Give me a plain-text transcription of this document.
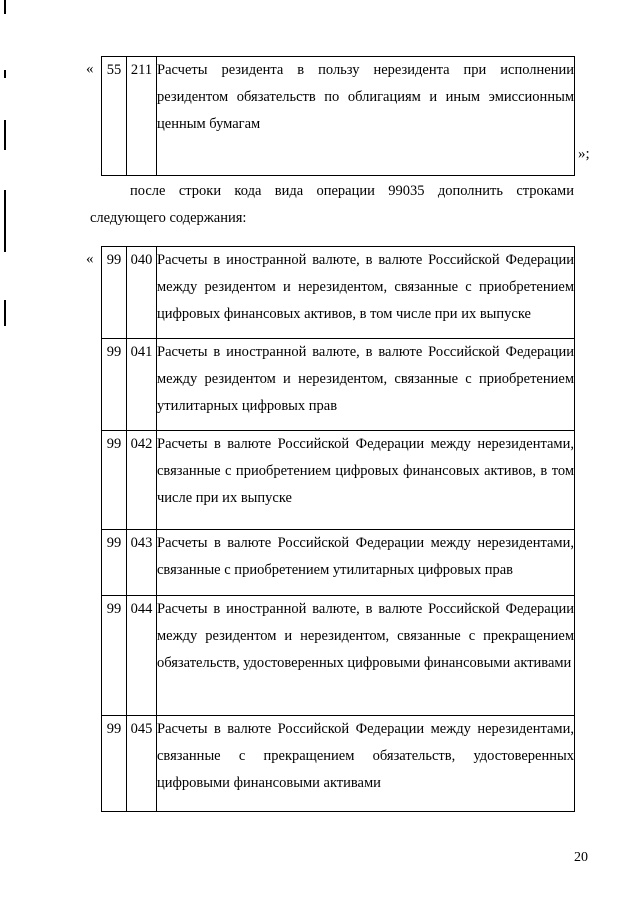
« 55	211	Расчеты резидента в пользу нерезидента при исполнении резидентом обязательств по облигациям и иным эмиссионным ценным бумагам
»;

после строки кода вида операции 99035 дополнить строками следующего содержания:

« 99	040	Расчеты в иностранной валюте, в валюте Российской Федерации между резидентом и нерезидентом, связанные с приобретением цифровых финансовых активов, в том числе при их выпуске
99	041	Расчеты в иностранной валюте, в валюте Российской Федерации между резидентом и нерезидентом, связанные с приобретением утилитарных цифровых прав
99	042	Расчеты в валюте Российской Федерации между нерезидентами, связанные с приобретением цифровых финансовых активов, в том числе при их выпуске
99	043	Расчеты в валюте Российской Федерации между нерезидентами, связанные с приобретением утилитарных цифровых прав
99	044	Расчеты в иностранной валюте, в валюте Российской Федерации между резидентом и нерезидентом, связанные с прекращением обязательств, удостоверенных цифровыми финансовыми активами
99	045	Расчеты в валюте Российской Федерации между нерезидентами, связанные с прекращением обязательств, удостоверенных цифровыми финансовыми активами
20
